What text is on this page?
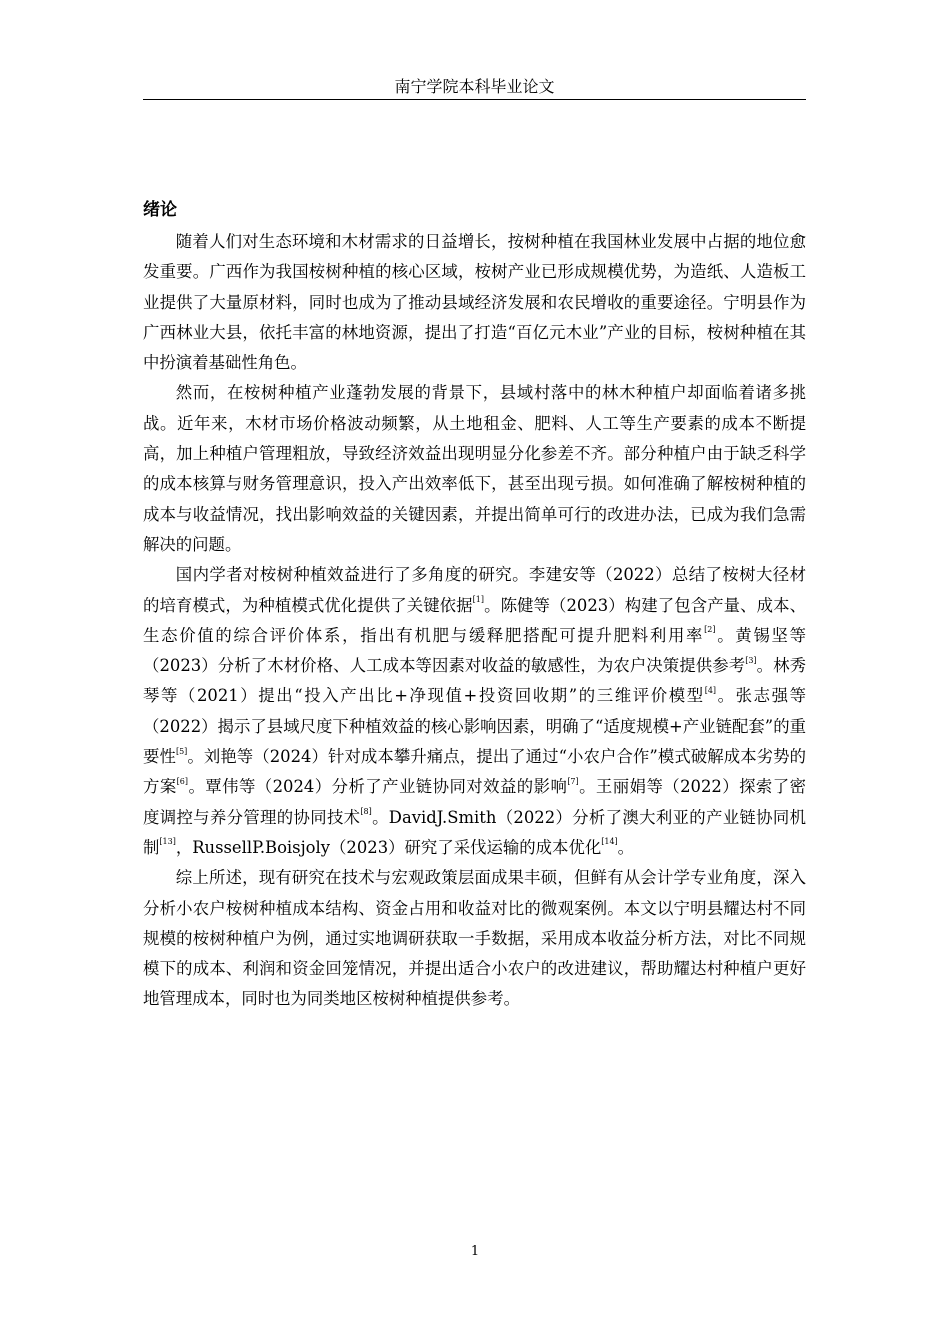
南宁学院本科毕业论文
绪论

随着人们对生态环境和木材需求的日益增长，按树种植在我国林业发展中占据的地位愈发重要。广西作为我国桉树种植的核心区域，桉树产业已形成规模优势，为造纸、人造板工业提供了大量原材料，同时也成为了推动县域经济发展和农民增收的重要途径。宁明县作为广西林业大县，依托丰富的林地资源，提出了打造“百亿元木业”产业的目标，桉树种植在其中扮演着基础性角色。

然而，在桉树种植产业蓬勃发展的背景下，县域村落中的林木种植户却面临着诸多挑战。近年来，木材市场价格波动频繁，从土地租金、肥料、人工等生产要素的成本不断提高，加上种植户管理粗放，导致经济效益出现明显分化参差不齐。部分种植户由于缺乏科学的成本核算与财务管理意识，投入产出效率低下，甚至出现亏损。如何准确了解桉树种植的成本与收益情况，找出影响效益的关键因素，并提出简单可行的改进办法，已成为我们急需解决的问题。

国内学者对桉树种植效益进行了多角度的研究。李建安等（2022）总结了桉树大径材的培育模式，为种植模式优化提供了关键依据[1]。陈健等（2023）构建了包含产量、成本、生态价值的综合评价体系，指出有机肥与缓释肥搭配可提升肥料利用率[2]。黄锡坚等（2023）分析了木材价格、人工成本等因素对收益的敏感性，为农户决策提供参考[3]。林秀琴等（2021）提出“投入产出比+净现值+投资回收期”的三维评价模型[4]。张志强等（2022）揭示了县域尺度下种植效益的核心影响因素，明确了“适度规模+产业链配套”的重要性[5]。刘艳等（2024）针对成本攀升痛点，提出了通过“小农户合作”模式破解成本劣势的方案[6]。覃伟等（2024）分析了产业链协同对效益的影响[7]。王丽娟等（2022）探索了密度调控与养分管理的协同技术[8]。DavidJ.Smith（2022）分析了澳大利亚的产业链协同机制[13]，RussellP.Boisjoly（2023）研究了采伐运输的成本优化[14]。

综上所述，现有研究在技术与宏观政策层面成果丰硕，但鲜有从会计学专业角度，深入分析小农户桉树种植成本结构、资金占用和收益对比的微观案例。本文以宁明县耀达村不同规模的桉树种植户为例，通过实地调研获取一手数据，采用成本收益分析方法，对比不同规模下的成本、利润和资金回笼情况，并提出适合小农户的改进建议，帮助耀达村种植户更好地管理成本，同时也为同类地区桉树种植提供参考。

1
